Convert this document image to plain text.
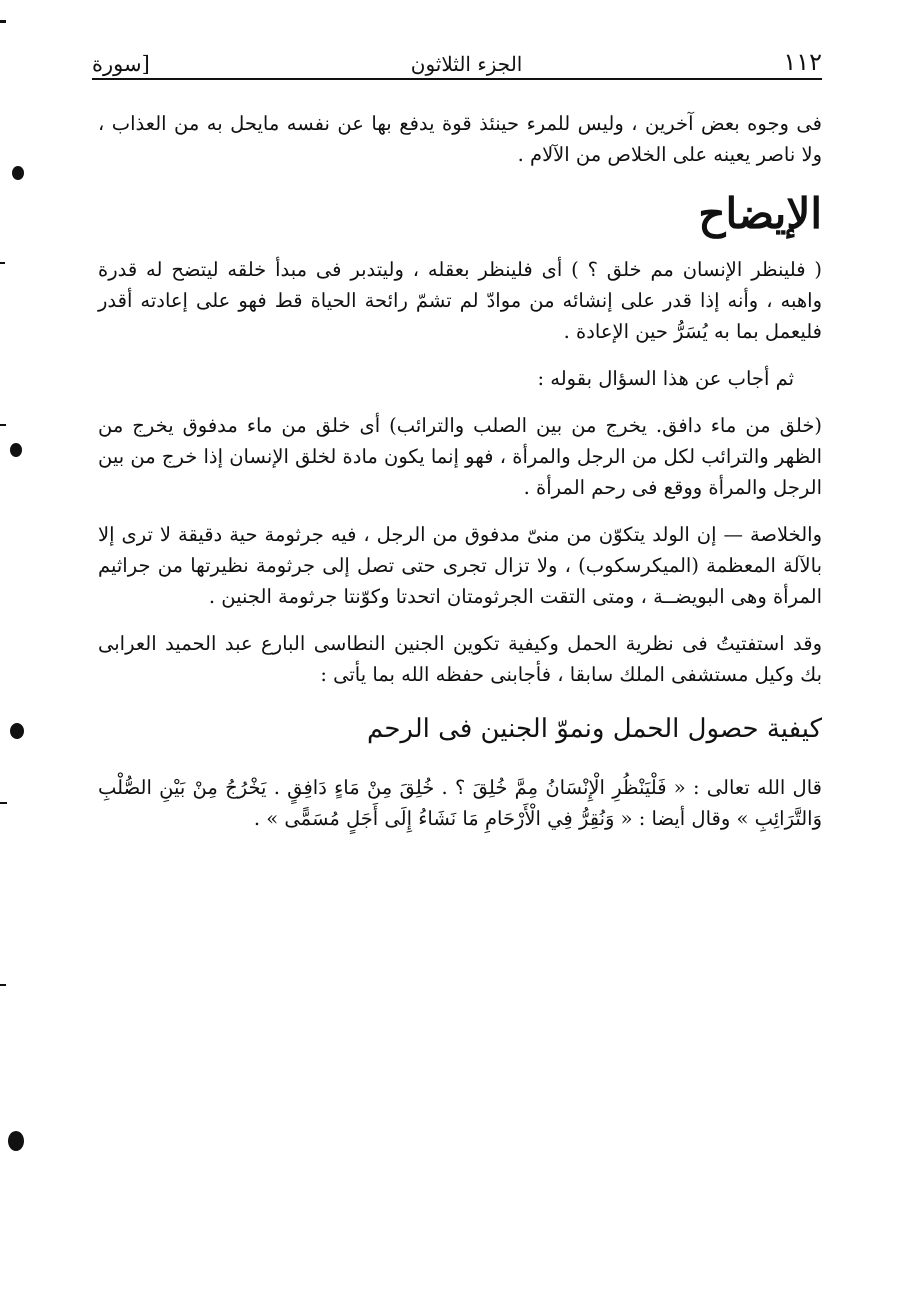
١١٢
الجزء الثلاثون
[سورة

فى وجوه بعض آخرين ، وليس للمرء حينئذ قوة يدفع بها عن نفسه مايحل به من العذاب ، ولا ناصر يعينه على الخلاص من الآلام .

الإيضاح

( فلينظر الإنسان مم خلق ؟ ) أى فلينظر بعقله ، وليتدبر فى مبدأ خلقه ليتضح له قدرة واهبه ، وأنه إذا قدر على إنشائه من موادّ لم تشمّ رائحة الحياة قط فهو على إعادته أقدر فليعمل بما به يُسَرُّ حين الإعادة .

ثم أجاب عن هذا السؤال بقوله :

(خلق من ماء دافق. يخرج من بين الصلب والترائب) أى خلق من ماء مدفوق يخرج من الظهر والترائب لكل من الرجل والمرأة ، فهو إنما يكون مادة لخلق الإنسان إذا خرج من بين الرجل والمرأة ووقع فى رحم المرأة .

والخلاصة — إن الولد يتكوّن من منىّ مدفوق من الرجل ، فيه جرثومة حية دقيقة لا ترى إلا بالآلة المعظمة (الميكرسكوب) ، ولا تزال تجرى حتى تصل إلى جرثومة نظيرتها من جراثيم المرأة وهى البويضــة ، ومتى التقت الجرثومتان اتحدتا وكوّنتا جرثومة الجنين .

وقد استفتيتُ فى نظرية الحمل وكيفية تكوين الجنين النطاسى البارع عبد الحميد العرابى بك وكيل مستشفى الملك سابقا ، فأجابنى حفظه الله بما يأتى :

كيفية حصول الحمل ونموّ الجنين فى الرحم

قال الله تعالى : « فَلْيَنْظُرِ الْإِنْسَانُ مِمَّ خُلِقَ ؟ . خُلِقَ مِنْ مَاءٍ دَافِقٍ . يَخْرُجُ مِنْ بَيْنِ الصُّلْبِ وَالتَّرَائِبِ » وقال أيضا : « وَنُقِرُّ فِي الْأَرْحَامِ مَا نَشَاءُ إِلَى أَجَلٍ مُسَمًّى » .
